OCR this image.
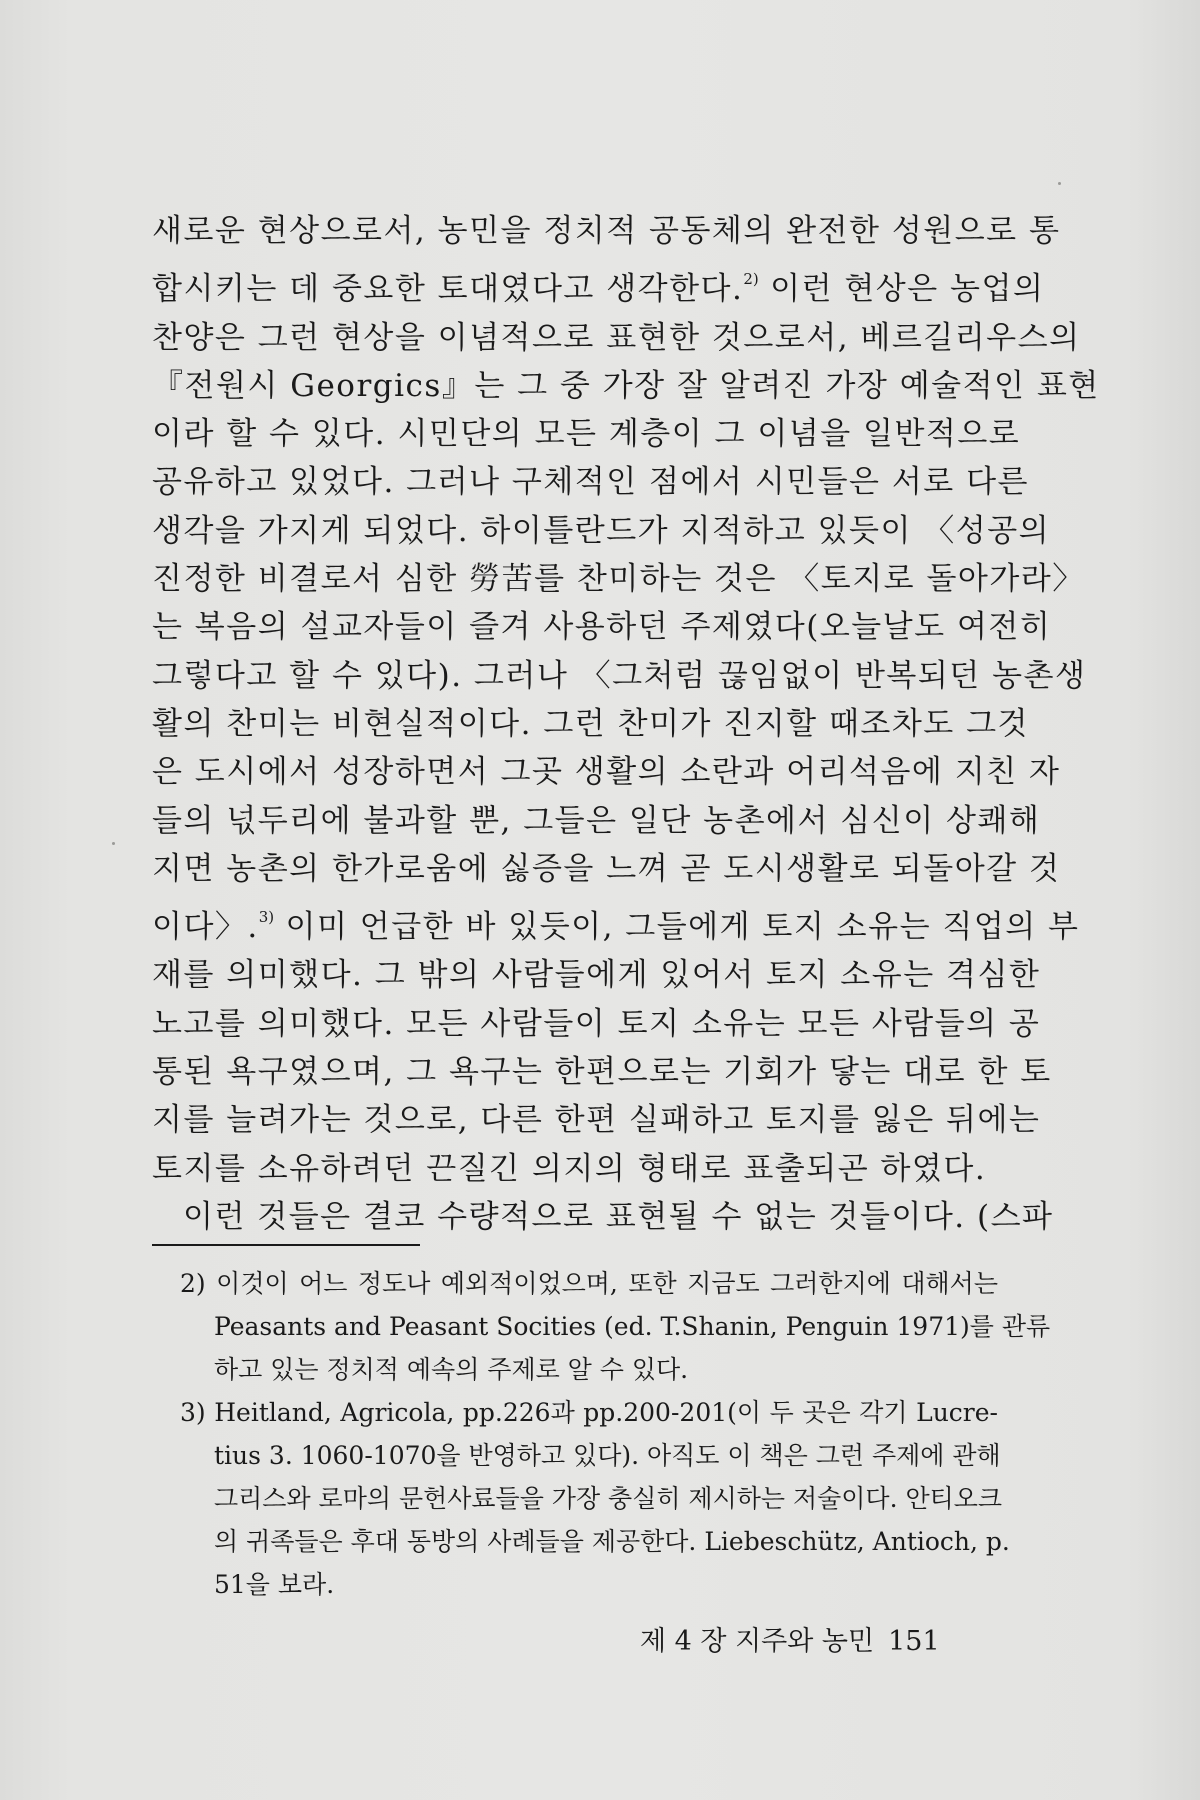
새로운 현상으로서, 농민을 정치적 공동체의 완전한 성원으로 통
합시키는 데 중요한 토대였다고 생각한다.$^{2)}$ 이런 현상은 농업의
찬양은 그런 현상을 이념적으로 표현한 것으로서, 베르길리우스의
『전원시 Georgics』는 그 중 가장 잘 알려진 가장 예술적인 표현
이라 할 수 있다. 시민단의 모든 계층이 그 이념을 일반적으로
공유하고 있었다. 그러나 구체적인 점에서 시민들은 서로 다른
생각을 가지게 되었다. 하이틀란드가 지적하고 있듯이 〈성공의
진정한 비결로서 심한 勞苦를 찬미하는 것은 〈토지로 돌아가라〉
는 복음의 설교자들이 즐겨 사용하던 주제였다(오늘날도 여전히
그렇다고 할 수 있다). 그러나 〈그처럼 끊임없이 반복되던 농촌생
활의 찬미는 비현실적이다. 그런 찬미가 진지할 때조차도 그것
은 도시에서 성장하면서 그곳 생활의 소란과 어리석음에 지친 자
들의 넋두리에 불과할 뿐, 그들은 일단 농촌에서 심신이 상쾌해
지면 농촌의 한가로움에 싫증을 느껴 곧 도시생활로 되돌아갈 것
이다〉.$^{3)}$ 이미 언급한 바 있듯이, 그들에게 토지 소유는 직업의 부
재를 의미했다. 그 밖의 사람들에게 있어서 토지 소유는 격심한
노고를 의미했다. 모든 사람들이 토지 소유는 모든 사람들의 공
통된 욕구였으며, 그 욕구는 한편으로는 기회가 닿는 대로 한 토
지를 늘려가는 것으로, 다른 한편 실패하고 토지를 잃은 뒤에는
토지를 소유하려던 끈질긴 의지의 형태로 표출되곤 하였다.
이런 것들은 결코 수량적으로 표현될 수 없는 것들이다. (스파
2) 이것이 어느 정도나 예외적이었으며, 또한 지금도 그러한지에 대해서는
Peasants and Peasant Socities (ed. T.Shanin, Penguin 1971)를 관류
하고 있는 정치적 예속의 주제로 알 수 있다.
3) Heitland, Agricola, pp.226과 pp.200-201(이 두 곳은 각기 Lucre-
tius 3. 1060-1070을 반영하고 있다). 아직도 이 책은 그런 주제에 관해
그리스와 로마의 문헌사료들을 가장 충실히 제시하는 저술이다. 안티오크
의 귀족들은 후대 동방의 사례들을 제공한다. Liebeschütz, Antioch, p.
51을 보라.
제 4 장 지주와 농민 151
